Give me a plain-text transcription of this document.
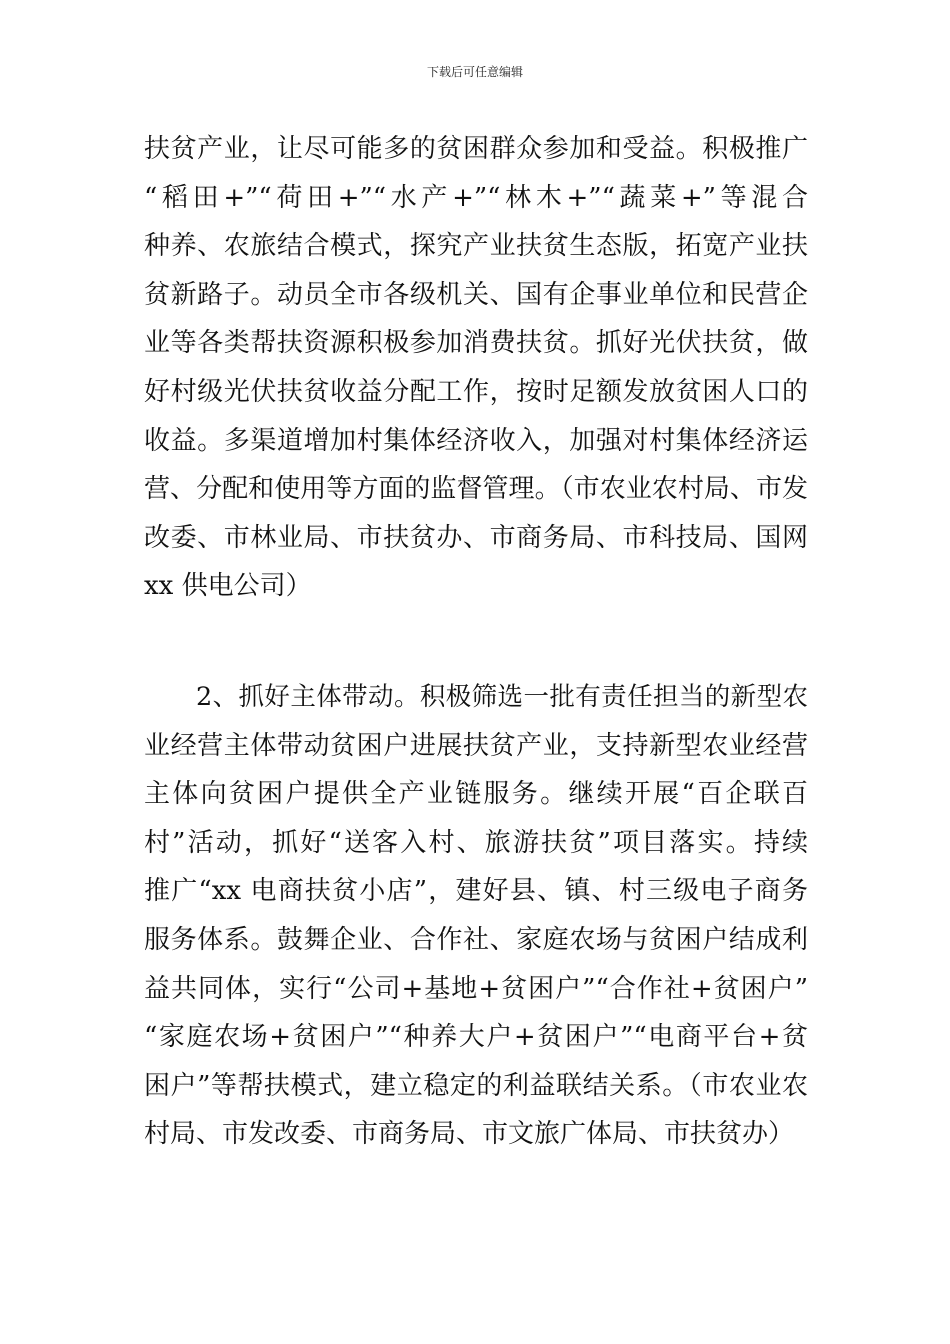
下载后可任意编辑
扶贫产业，让尽可能多的贫困群众参加和受益。积极推广
“稻田+”“荷田+”“水产+”“林木+”“蔬菜+”等混合
种养、农旅结合模式，探究产业扶贫生态版，拓宽产业扶
贫新路子。动员全市各级机关、国有企事业单位和民营企
业等各类帮扶资源积极参加消费扶贫。抓好光伏扶贫，做
好村级光伏扶贫收益分配工作，按时足额发放贫困人口的
收益。多渠道增加村集体经济收入，加强对村集体经济运
营、分配和使用等方面的监督管理。（市农业农村局、市发
改委、市林业局、市扶贫办、市商务局、市科技局、国网
xx 供电公司）
2、抓好主体带动。积极筛选一批有责任担当的新型农
业经营主体带动贫困户进展扶贫产业，支持新型农业经营
主体向贫困户提供全产业链服务。继续开展“百企联百
村”活动，抓好“送客入村、旅游扶贫”项目落实。持续
推广“xx 电商扶贫小店”，建好县、镇、村三级电子商务
服务体系。鼓舞企业、合作社、家庭农场与贫困户结成利
益共同体，实行“公司+基地+贫困户”“合作社+贫困户”
“家庭农场+贫困户”“种养大户+贫困户”“电商平台+贫
困户”等帮扶模式，建立稳定的利益联结关系。（市农业农
村局、市发改委、市商务局、市文旅广体局、市扶贫办）
